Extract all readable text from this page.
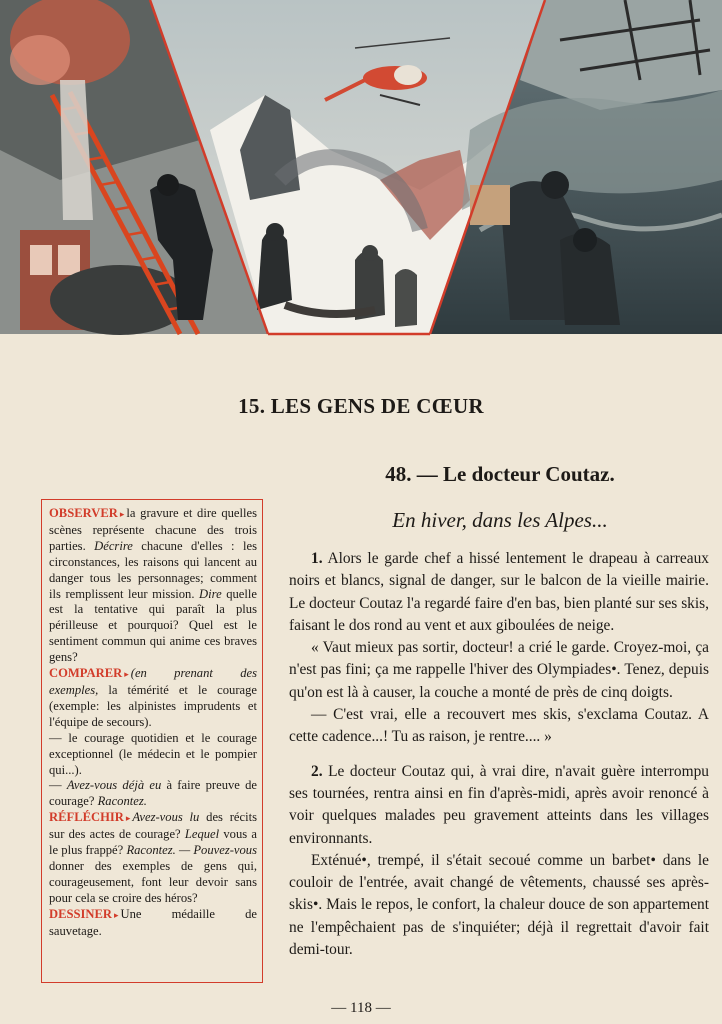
15. LES GENS DE CŒUR
48. — Le docteur Coutaz.
En hiver, dans les Alpes...

OBSERVER ▸ la gravure et dire quelles scènes représente chacune des trois parties. Décrire chacune d'elles : les circonstances, les raisons qui lancent au danger tous les personnages; comment ils remplissent leur mission. Dire quelle est la tentative qui paraît la plus périlleuse et pourquoi? Quel est le sentiment commun qui anime ces braves gens?

COMPARER ▸ (en prenant des exemples, la témérité et le courage (exemple: les alpinistes imprudents et l'équipe de secours).

— le courage quotidien et le courage exceptionnel (le médecin et le pompier qui...).

— Avez-vous déjà eu à faire preuve de courage? Racontez.

RÉFLÉCHIR ▸ Avez-vous lu des récits sur des actes de courage? Lequel vous a le plus frappé? Racontez. — Pouvez-vous donner des exemples de gens qui, courageusement, font leur devoir sans pour cela se croire des héros?

DESSINER ▸ Une médaille de sauvetage.

1. Alors le garde chef a hissé lentement le drapeau à carreaux noirs et blancs, signal de danger, sur le balcon de la vieille mairie. Le docteur Coutaz l'a regardé faire d'en bas, bien planté sur ses skis, faisant le dos rond au vent et aux giboulées de neige.

« Vaut mieux pas sortir, docteur! a crié le garde. Croyez-moi, ça n'est pas fini; ça me rappelle l'hiver des Olympiades•. Tenez, depuis qu'on est là à causer, la couche a monté de près de cinq doigts.

— C'est vrai, elle a recouvert mes skis, s'exclama Coutaz. A cette cadence...! Tu as raison, je rentre.... »

2. Le docteur Coutaz qui, à vrai dire, n'avait guère interrompu ses tournées, rentra ainsi en fin d'après-midi, après avoir renoncé à voir quelques malades peu gravement atteints dans les villages environnants.

Exténué•, trempé, il s'était secoué comme un barbet• dans le couloir de l'entrée, avait changé de vêtements, chaussé ses après-skis•. Mais le repos, le confort, la chaleur douce de son appartement ne l'empêchaient pas de s'inquiéter; déjà il regrettait d'avoir fait demi-tour.

— 118 —
